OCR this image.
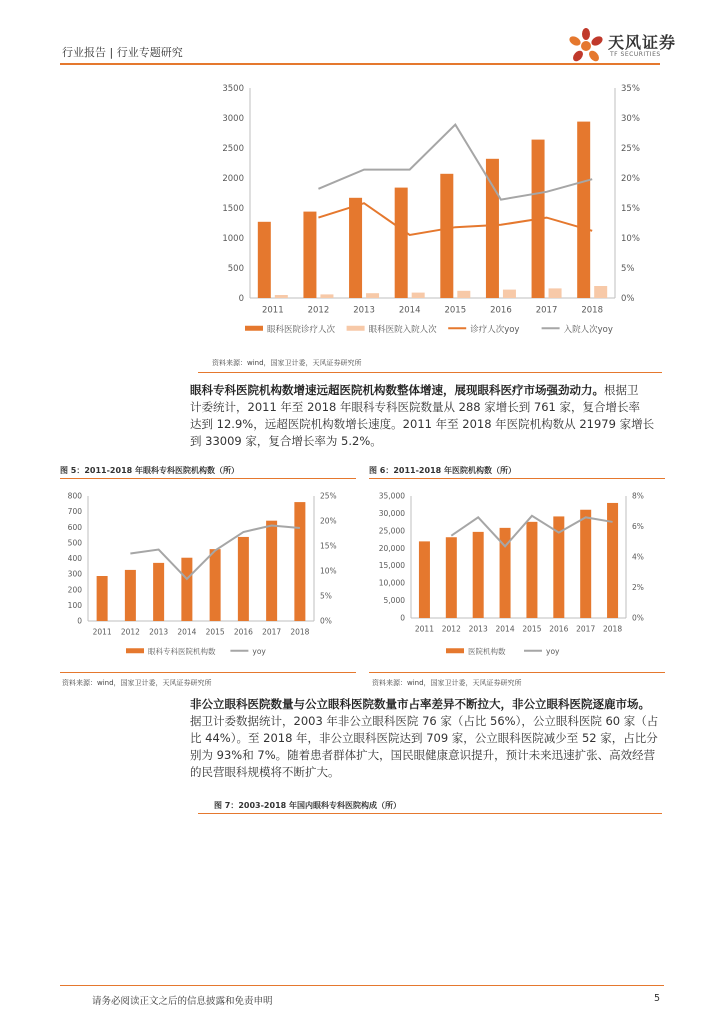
行业报告 | 行业专题研究
天风证券
TF SECURITIES
0
500
1000
1500
2000
2500
3000
3500
0%
5%
10%
15%
20%
25%
30%
35%
2011	2012	2013	2014	2015	2016	2017	2018
眼科医院诊疗人次	眼科医院入院人次	诊疗人次yoy	入院人次yoy
资料来源：wind，国家卫计委，天风证券研究所
眼科专科医院机构数增速远超医院机构数整体增速，展现眼科医疗市场强劲动力。根据卫
计委统计，2011 年至 2018 年眼科专科医院数量从 288 家增长到 761 家，复合增长率
达到 12.9%，远超医院机构数增长速度。2011 年至 2018 年医院机构数从 21979 家增长
到 33009 家，复合增长率为 5.2%。
图 5：2011-2018 年眼科专科医院机构数（所）	图 6：2011-2018 年医院机构数（所）
0
100
200
300
400
500
600
700
800
0%
5%
10%
15%
20%
25%
2011 2012 2013 2014 2015 2016 2017 2018
眼科专科医院机构数	yoy
0
5,000
10,000
15,000
20,000
25,000
30,000
35,000
0%
2%
4%
6%
8%
2011 2012 2013 2014 2015 2016 2017 2018
医院机构数	yoy
资料来源：wind，国家卫计委，天风证券研究所	资料来源：wind，国家卫计委，天风证券研究所
非公立眼科医院数量与公立眼科医院数量市占率差异不断拉大，非公立眼科医院逐鹿市场。
据卫计委数据统计，2003 年非公立眼科医院 76 家（占比 56%），公立眼科医院 60 家（占
比 44%）。至 2018 年，非公立眼科医院达到 709 家，公立眼科医院减少至 52 家，占比分
别为 93%和 7%。随着患者群体扩大，国民眼健康意识提升，预计未来迅速扩张、高效经营
的民营眼科规模将不断扩大。
图 7：2003-2018 年国内眼科专科医院构成（所）
请务必阅读正文之后的信息披露和免责申明	5
